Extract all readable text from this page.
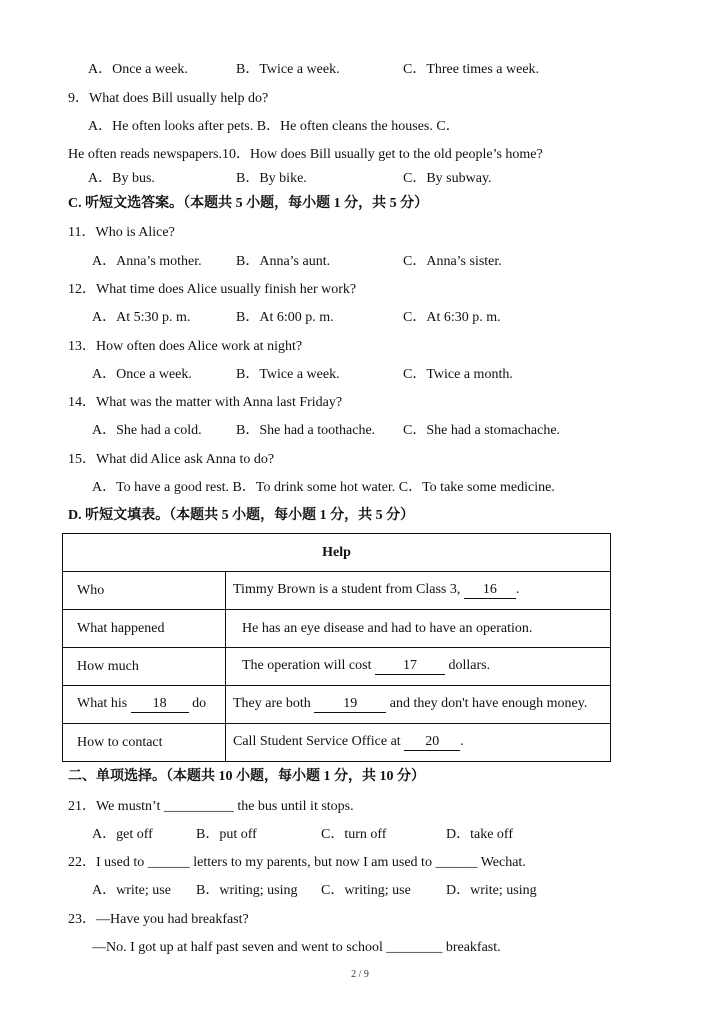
A．Once a week.	B．Twice a week.	C．Three times a week.
9．What does Bill usually help do?
A．He often looks after pets. B．He often cleans the houses. C．
He often reads newspapers.10．How does Bill usually get to the old people’s home?
A．By bus.	B．By bike.	C．By subway.
C. 听短文选答案。（本题共 5 小题，每小题 1 分，共 5 分）
11．Who is Alice?
A．Anna’s mother. B．Anna’s aunt.	C．Anna’s sister.
12．What time does Alice usually finish her work?
A．At 5:30 p. m.	B．At 6:00 p. m.	C．At 6:30 p. m.
13．How often does Alice work at night?
A．Once a week.	B．Twice a week.	C．Twice a month.
14．What was the matter with Anna last Friday?
A．She had a cold. B．She had a toothache. C．She had a stomachache.
15．What did Alice ask Anna to do?
A．To have a good rest. B．To drink some hot water. C．To take some medicine.
D. 听短文填表。（本题共 5 小题，每小题 1 分，共 5 分）
Help	
Who	Timmy Brown is a student from Class 3, 16 .
What happened	He has an eye disease and had to have an operation.
How much	The operation will cost 17 dollars.
What his 18 do	They are both 19 and they don't have enough money.
How to contact	Call Student Service Office at 20 .
二、单项选择。（本题共 10 小题，每小题 1 分，共 10 分）
21．We mustn’t __________ the bus until it stops.
A．get off	B．put off	C．turn off	D．take off
22．I used to ______ letters to my parents, but now I am used to ______ Wechat.
A．write; use B．writing; using C．writing; use	D．write; using
23．—Have you had breakfast?
—No. I got up at half past seven and went to school ________ breakfast.
2 / 9
